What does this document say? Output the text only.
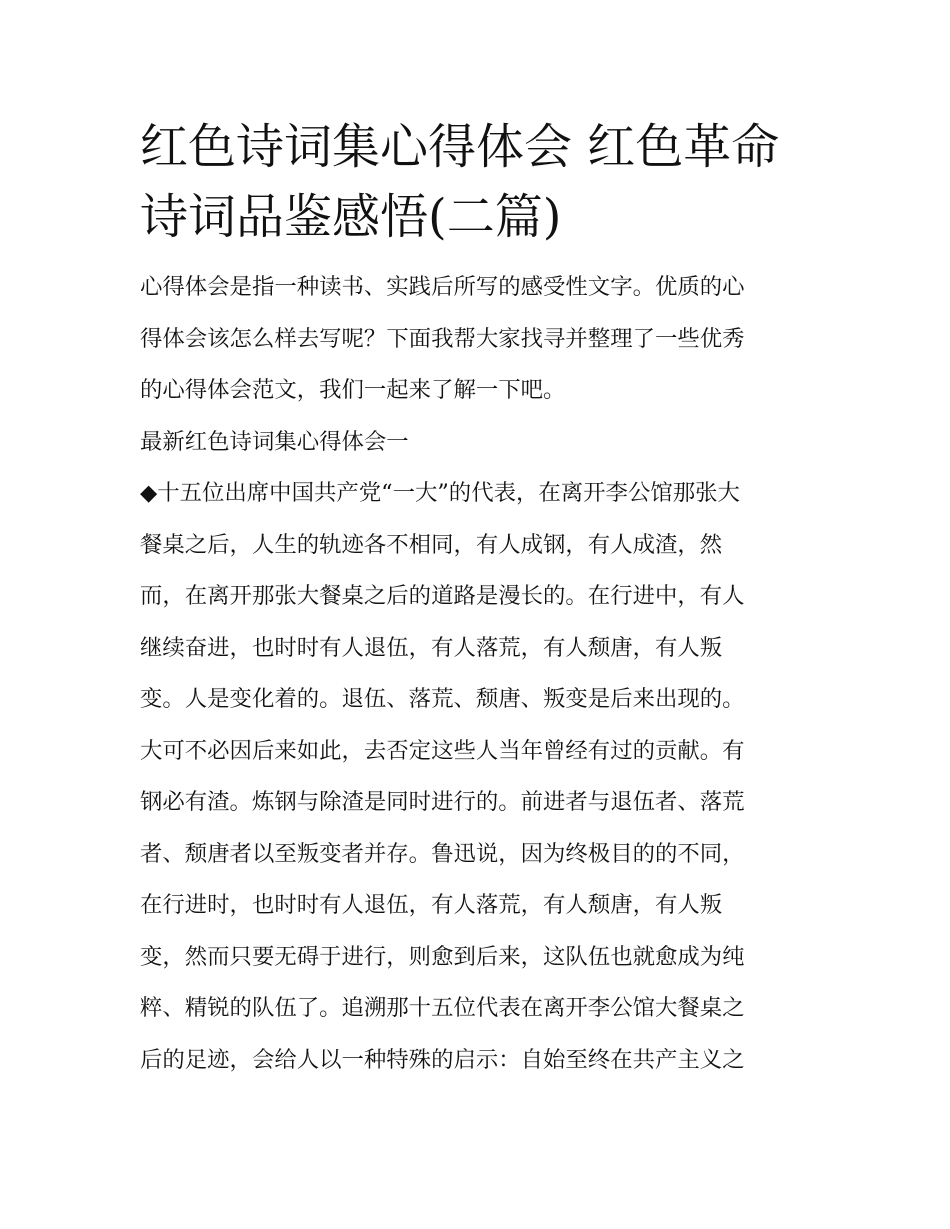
红色诗词集心得体会 红色革命
诗词品鉴感悟(二篇)
心得体会是指一种读书、实践后所写的感受性文字。优质的心
得体会该怎么样去写呢？下面我帮大家找寻并整理了一些优秀
的心得体会范文，我们一起来了解一下吧。
最新红色诗词集心得体会一
◆十五位出席中国共产党“一大”的代表，在离开李公馆那张大
餐桌之后，人生的轨迹各不相同，有人成钢，有人成渣，然
而，在离开那张大餐桌之后的道路是漫长的。在行进中，有人
继续奋进，也时时有人退伍，有人落荒，有人颓唐，有人叛
变。人是变化着的。退伍、落荒、颓唐、叛变是后来出现的。
大可不必因后来如此，去否定这些人当年曾经有过的贡献。有
钢必有渣。炼钢与除渣是同时进行的。前进者与退伍者、落荒
者、颓唐者以至叛变者并存。鲁迅说，因为终极目的的不同，
在行进时，也时时有人退伍，有人落荒，有人颓唐，有人叛
变，然而只要无碍于进行，则愈到后来，这队伍也就愈成为纯
粹、精锐的队伍了。追溯那十五位代表在离开李公馆大餐桌之
后的足迹，会给人以一种特殊的启示：自始至终在共产主义之
